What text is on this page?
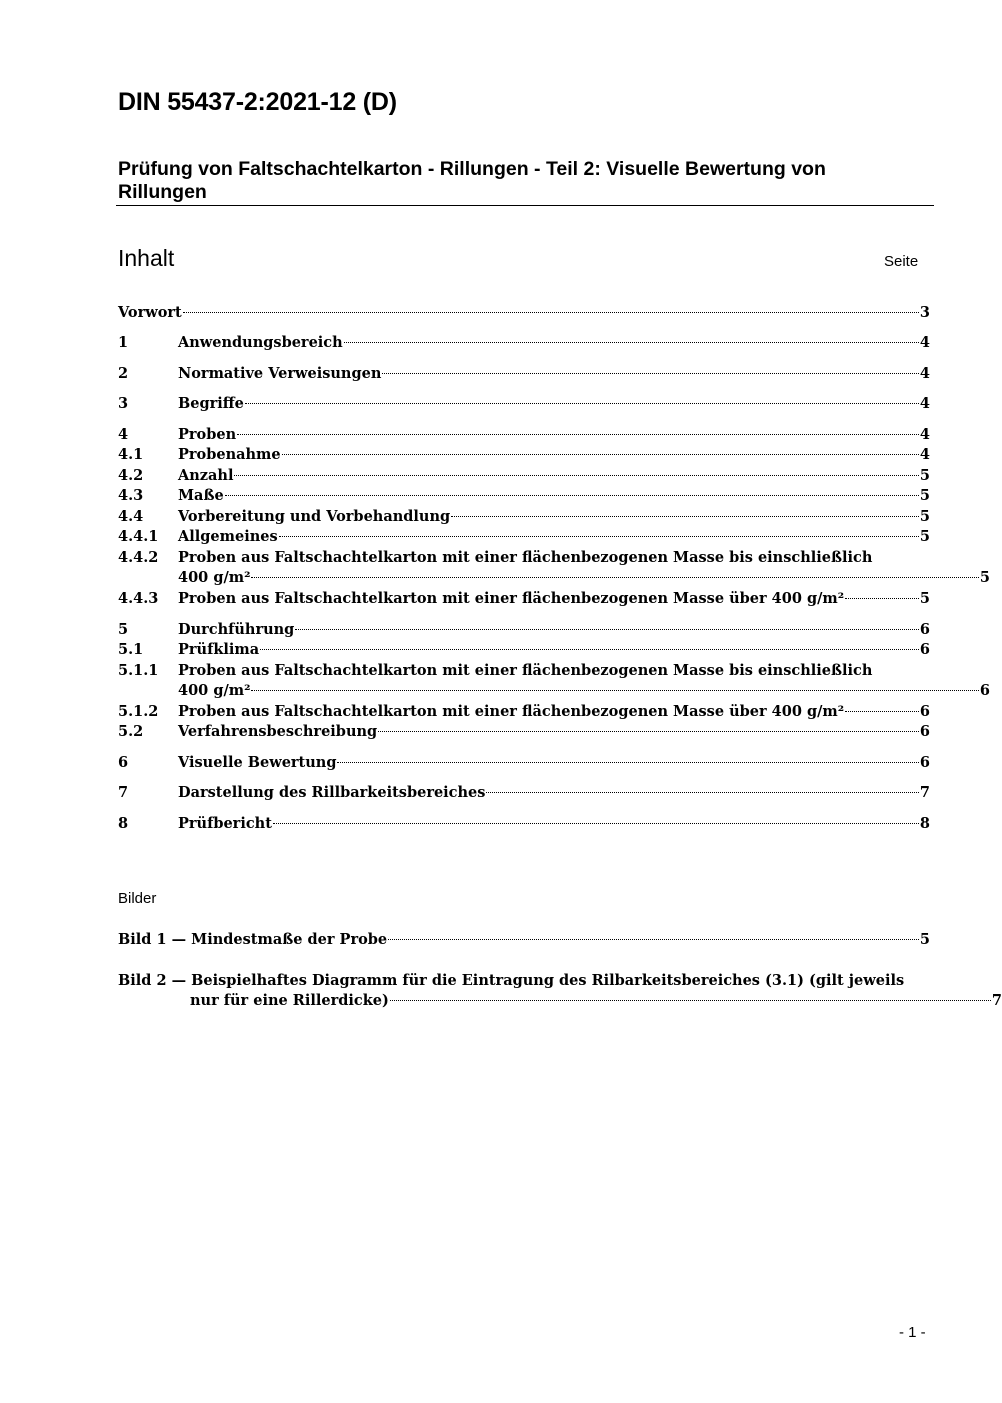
DIN 55437-2:2021-12 (D)
Prüfung von Faltschachtelkarton - Rillungen - Teil 2: Visuelle Bewertung von Rillungen
Inhalt	Seite
Vorwort	3
1	Anwendungsbereich	4
2	Normative Verweisungen	4
3	Begriffe	4
4	Proben	4
4.1	Probenahme	4
4.2	Anzahl	5
4.3	Maße	5
4.4	Vorbereitung und Vorbehandlung	5
4.4.1	Allgemeines	5
4.4.2	Proben aus Faltschachtelkarton mit einer flächenbezogenen Masse bis einschließlich
400 g/m²	5
4.4.3	Proben aus Faltschachtelkarton mit einer flächenbezogenen Masse über 400 g/m²	5
5	Durchführung	6
5.1	Prüfklima	6
5.1.1	Proben aus Faltschachtelkarton mit einer flächenbezogenen Masse bis einschließlich
400 g/m²	6
5.1.2	Proben aus Faltschachtelkarton mit einer flächenbezogenen Masse über 400 g/m²	6
5.2	Verfahrensbeschreibung	6
6	Visuelle Bewertung	6
7	Darstellung des Rillbarkeitsbereiches	7
8	Prüfbericht	8
Bilder
Bild 1 — Mindestmaße der Probe	5
Bild 2 — Beispielhaftes Diagramm für die Eintragung des Rilbarkeitsbereiches (3.1) (gilt jeweils
nur für eine Rillerdicke)	7
- 1 -
